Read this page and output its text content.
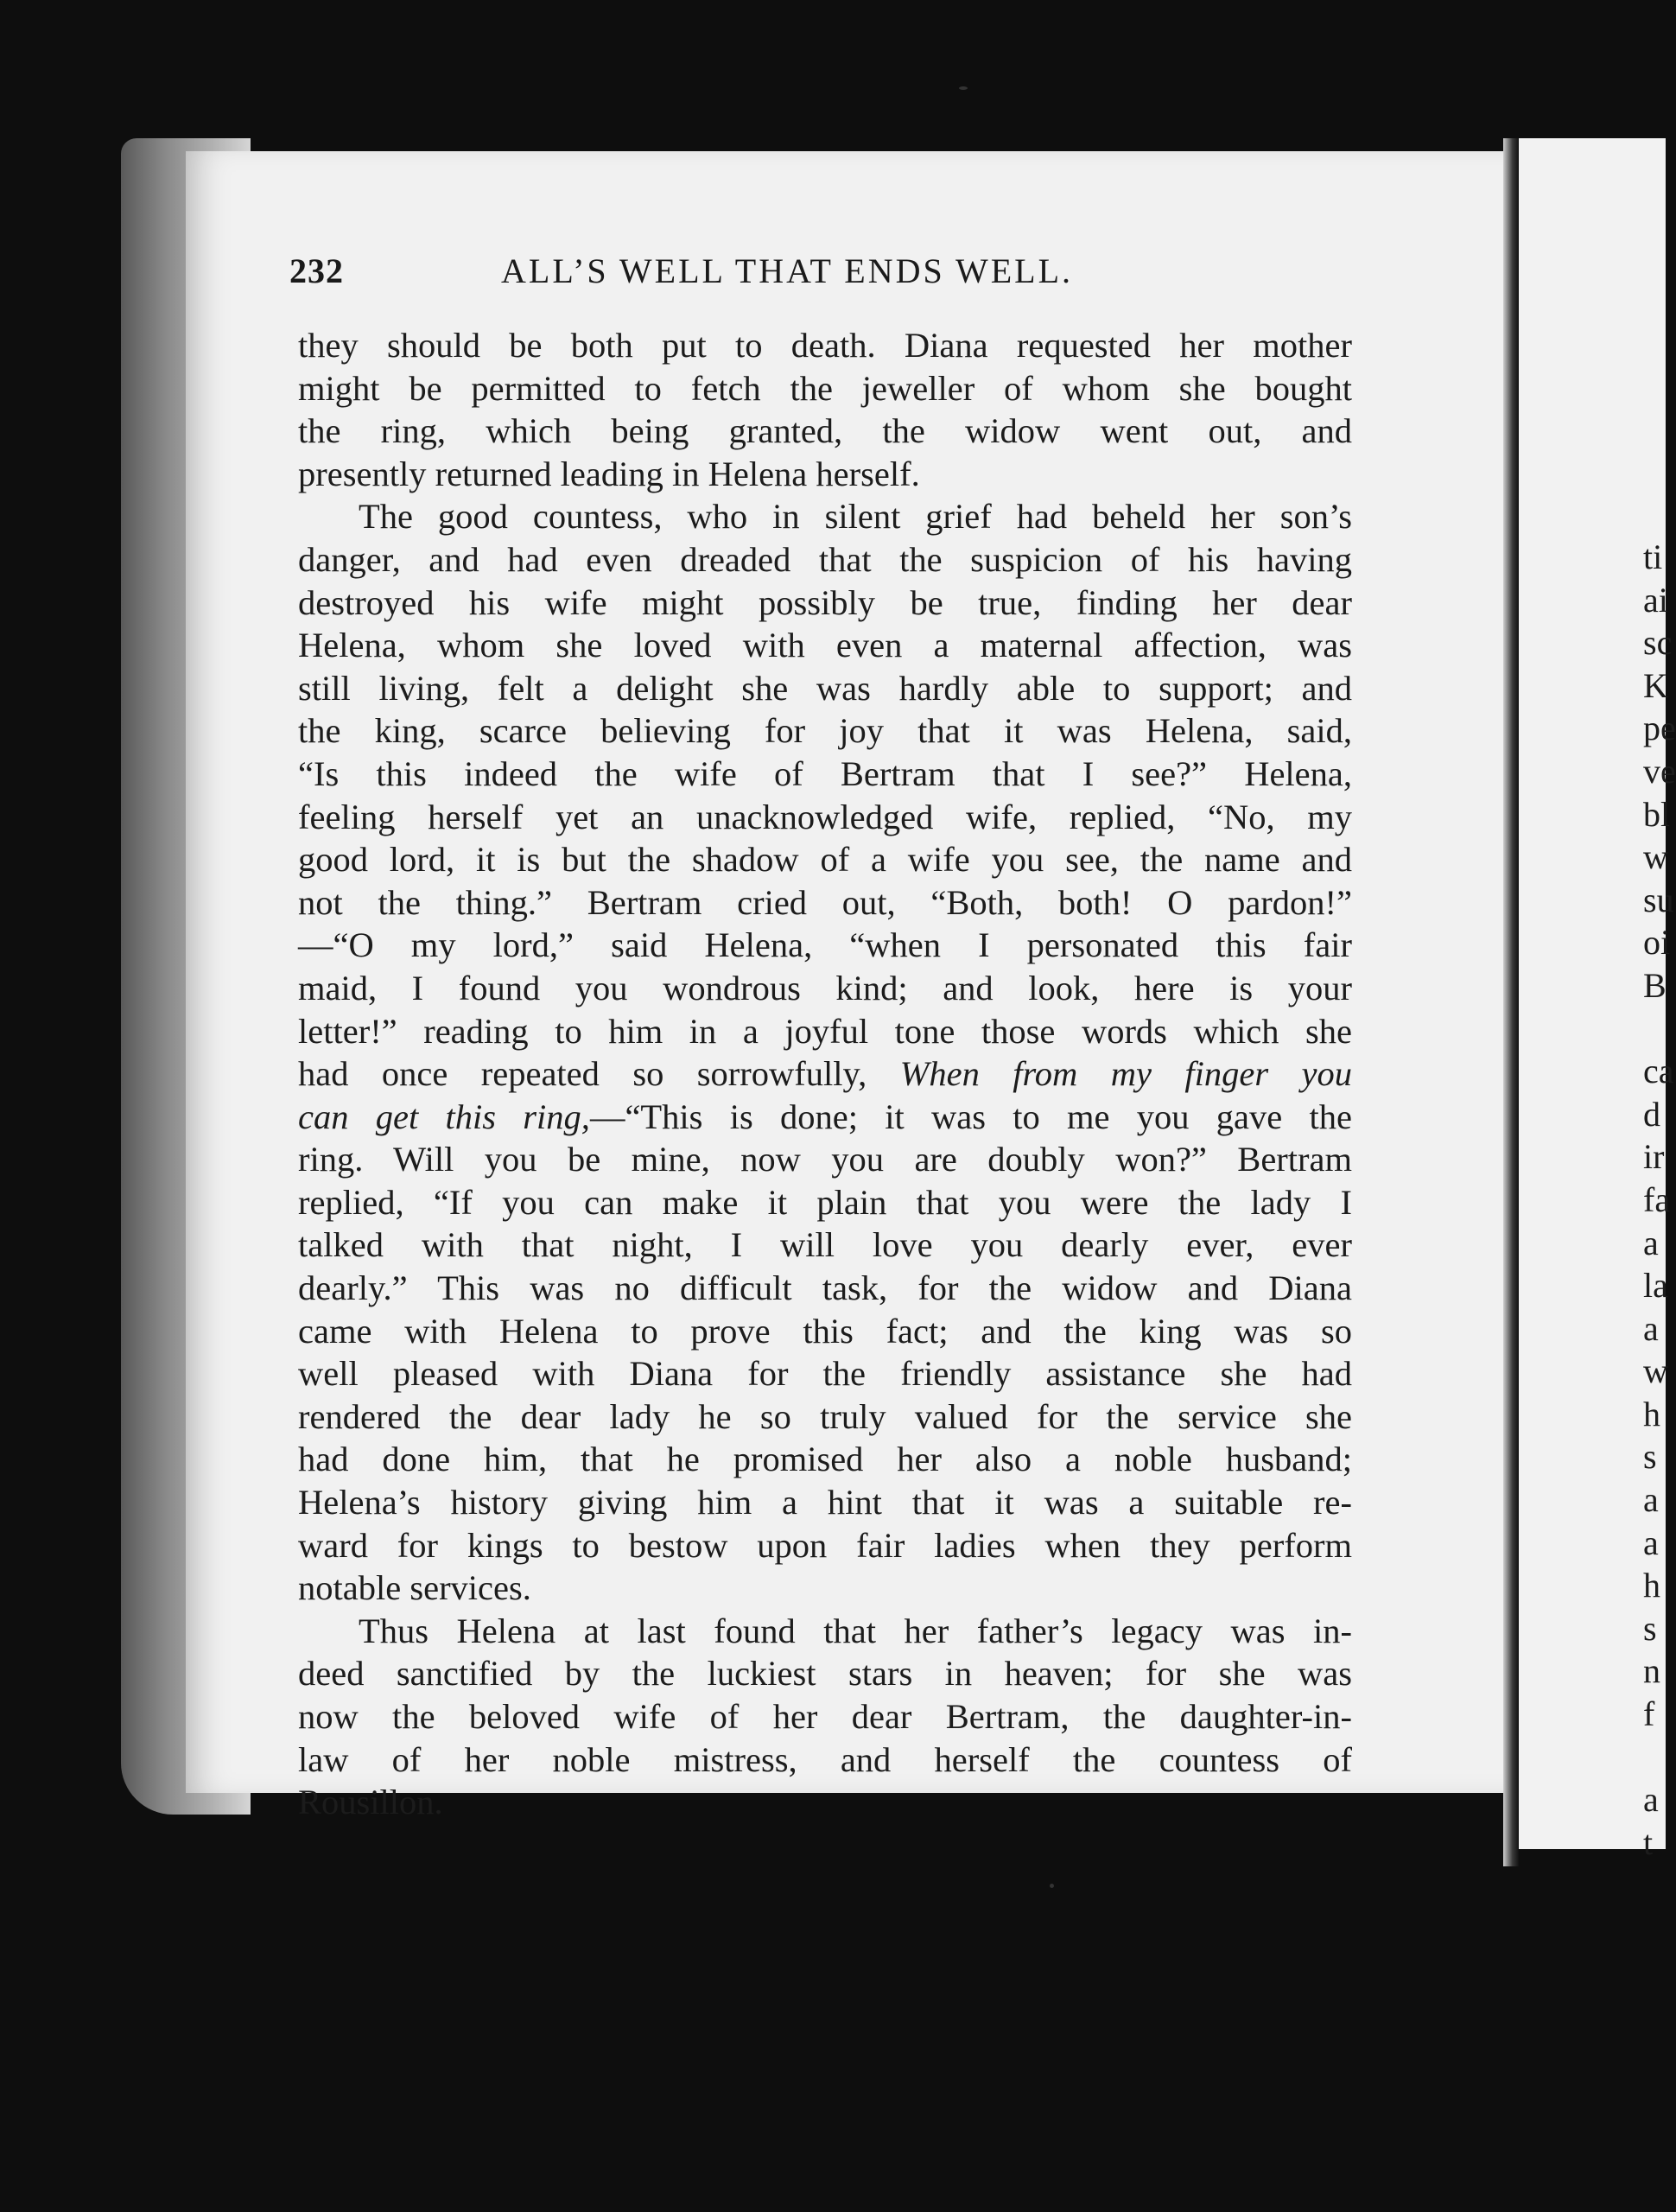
232	ALL’S WELL THAT ENDS WELL.
they should be both put to death. Diana requested her mother
might be permitted to fetch the jeweller of whom she bought
the ring, which being granted, the widow went out, and
presently returned leading in Helena herself.
The good countess, who in silent grief had beheld her son’s
danger, and had even dreaded that the suspicion of his having
destroyed his wife might possibly be true, finding her dear
Helena, whom she loved with even a maternal affection, was
still living, felt a delight she was hardly able to support; and
the king, scarce believing for joy that it was Helena, said,
“Is this indeed the wife of Bertram that I see?” Helena,
feeling herself yet an unacknowledged wife, replied, “No, my
good lord, it is but the shadow of a wife you see, the name and
not the thing.” Bertram cried out, “Both, both! O pardon!”
—“O my lord,” said Helena, “when I personated this fair
maid, I found you wondrous kind; and look, here is your
letter!” reading to him in a joyful tone those words which she
had once repeated so sorrowfully, When from my finger you
can get this ring,—“This is done; it was to me you gave the
ring. Will you be mine, now you are doubly won?” Bertram
replied, “If you can make it plain that you were the lady I
talked with that night, I will love you dearly ever, ever
dearly.” This was no difficult task, for the widow and Diana
came with Helena to prove this fact; and the king was so
well pleased with Diana for the friendly assistance she had
rendered the dear lady he so truly valued for the service she
had done him, that he promised her also a noble husband;
Helena’s history giving him a hint that it was a suitable re-
ward for kings to bestow upon fair ladies when they perform
notable services.
Thus Helena at last found that her father’s legacy was in-
deed sanctified by the luckiest stars in heaven; for she was
now the beloved wife of her dear Bertram, the daughter-in-
law of her noble mistress, and herself the countess of
Rousillon.
ti
ai
sc
K
pe
ve
bl
w
su
oi
B
ca
d
ir
fa
a
la
a
w
h
s
a
a
h
s
n
f
a
t
